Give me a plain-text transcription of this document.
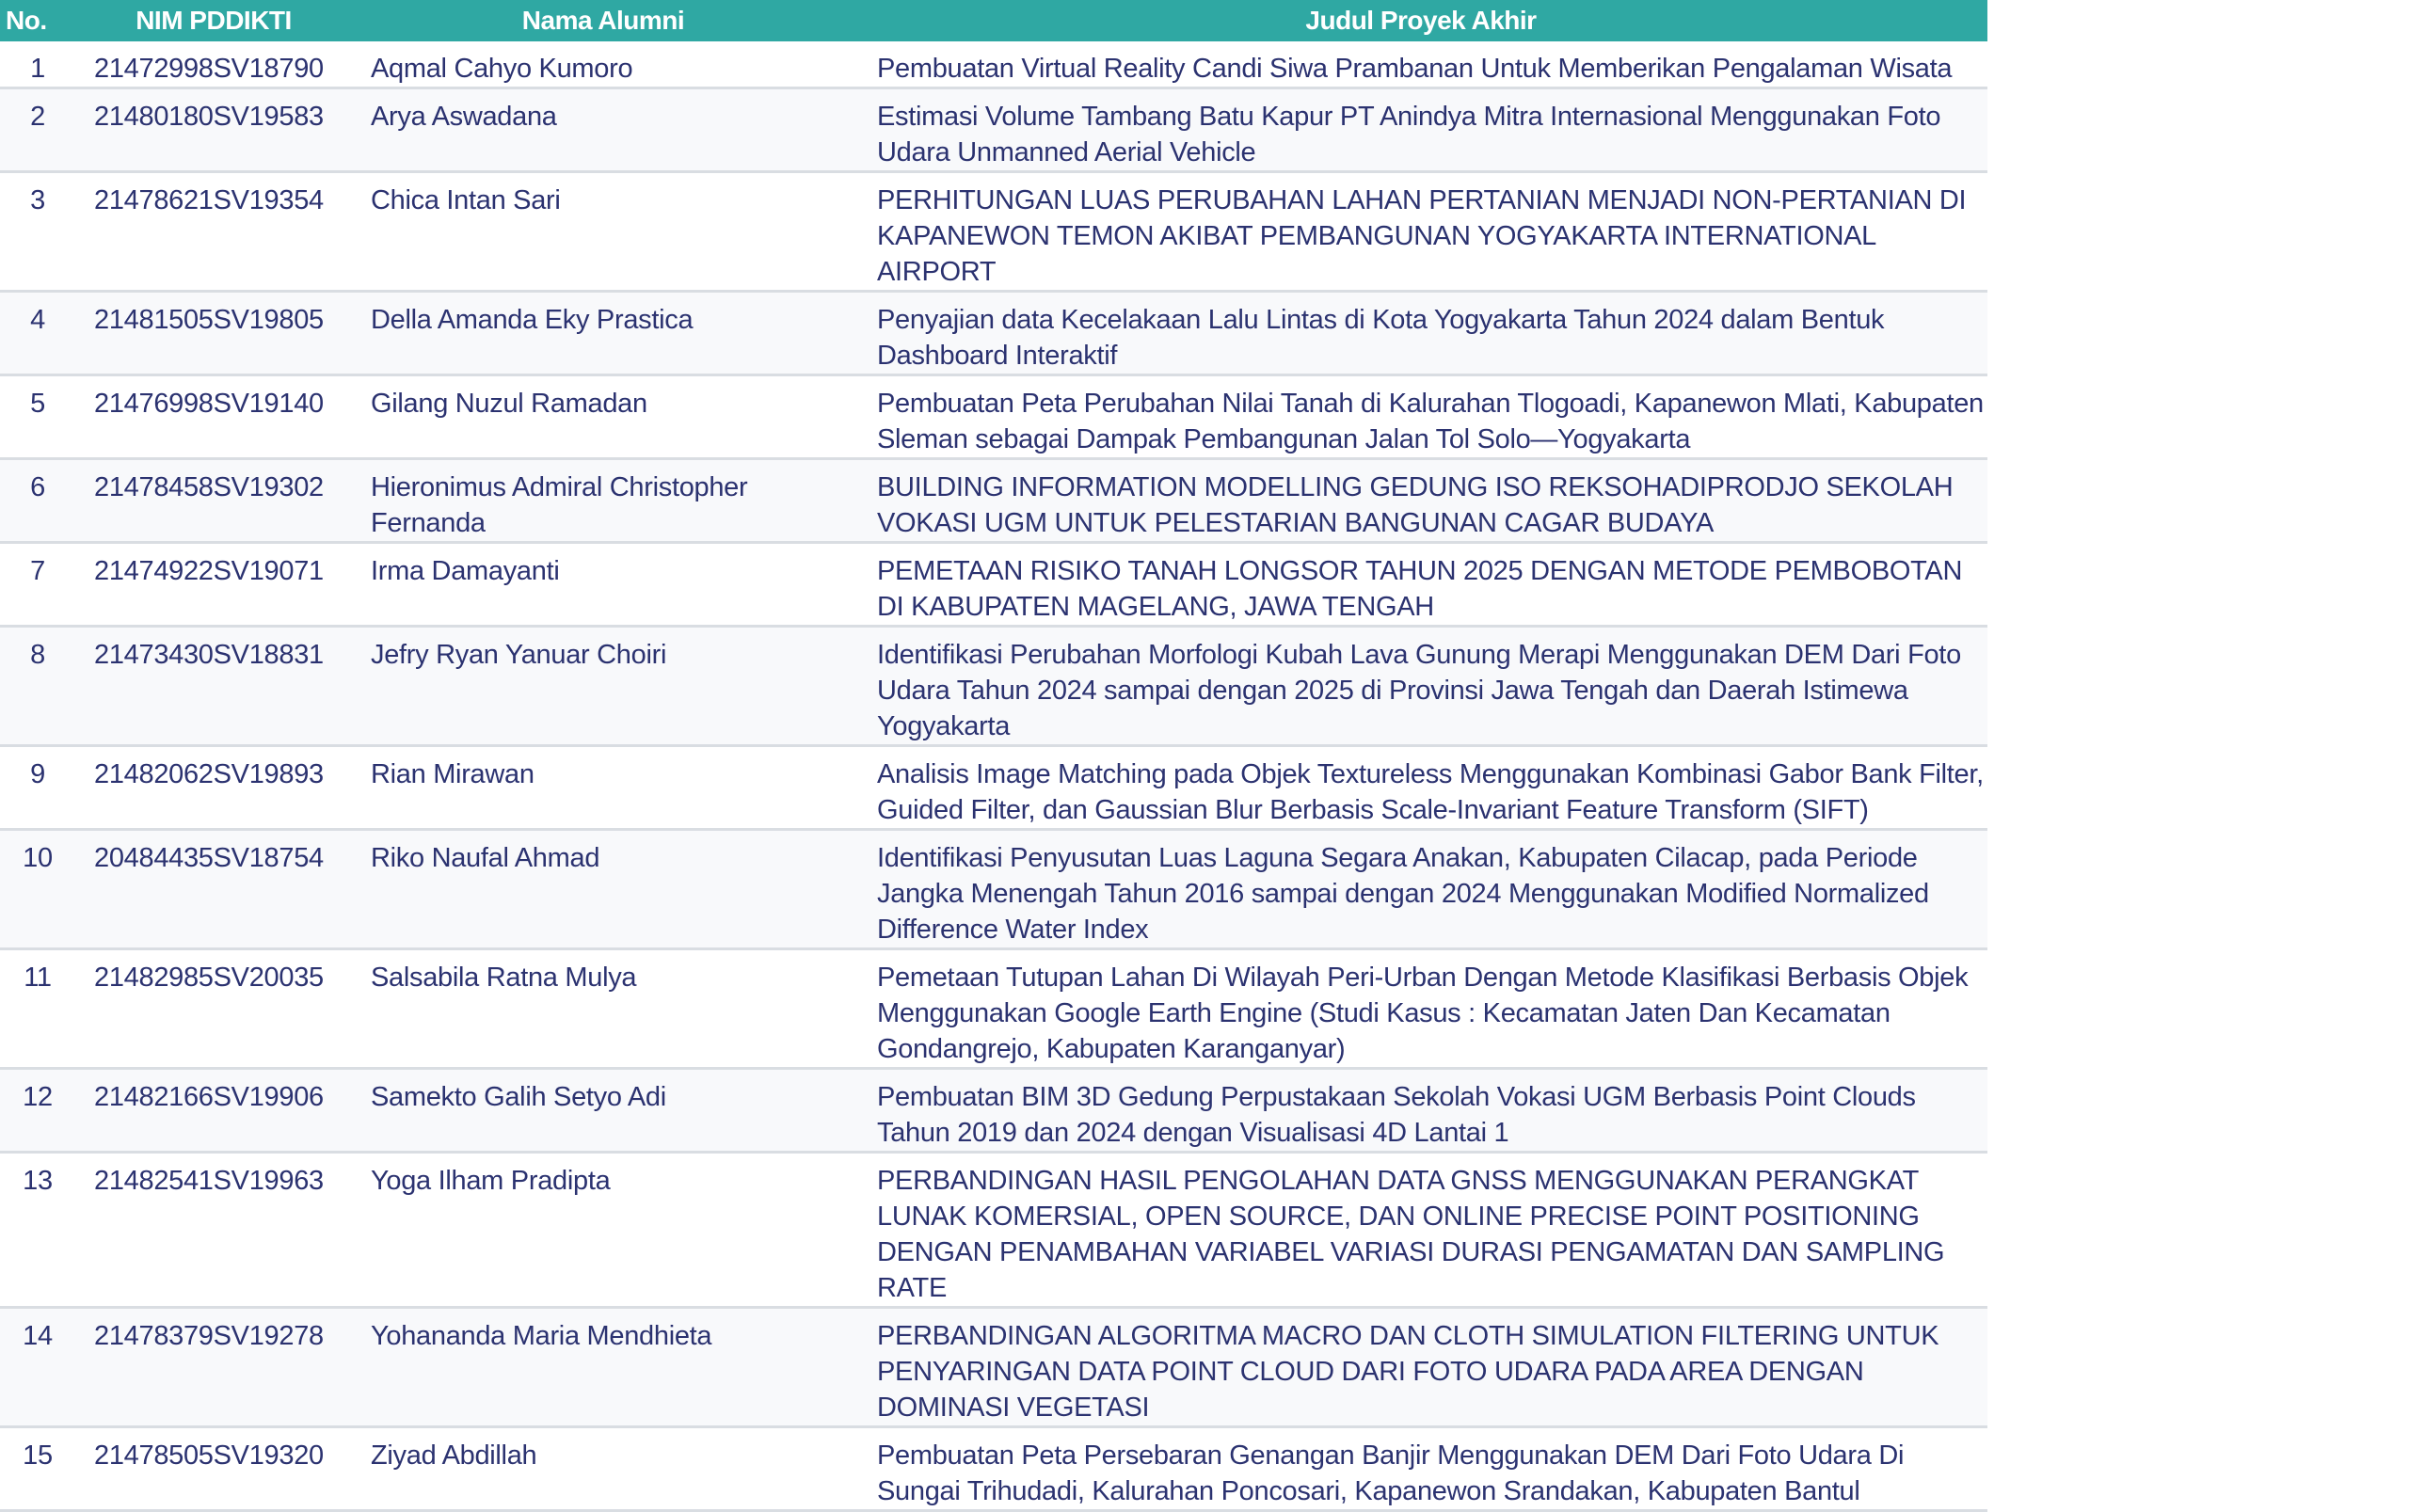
No.	NIM PDDIKTI	Nama Alumni	Judul Proyek Akhir
1	21472998SV18790	Aqmal Cahyo Kumoro	Pembuatan Virtual Reality Candi Siwa Prambanan Untuk Memberikan Pengalaman Wisata
2	21480180SV19583	Arya Aswadana	Estimasi Volume Tambang Batu Kapur PT Anindya Mitra Internasional Menggunakan Foto Udara Unmanned Aerial Vehicle
3	21478621SV19354	Chica Intan Sari	PERHITUNGAN LUAS PERUBAHAN LAHAN PERTANIAN MENJADI NON-PERTANIAN DI KAPANEWON TEMON AKIBAT PEMBANGUNAN YOGYAKARTA INTERNATIONAL AIRPORT
4	21481505SV19805	Della Amanda Eky Prastica	Penyajian data Kecelakaan Lalu Lintas di Kota Yogyakarta Tahun 2024 dalam Bentuk Dashboard Interaktif
5	21476998SV19140	Gilang Nuzul Ramadan	Pembuatan Peta Perubahan Nilai Tanah di Kalurahan Tlogoadi, Kapanewon Mlati, Kabupaten Sleman sebagai Dampak Pembangunan Jalan Tol Solo—Yogyakarta
6	21478458SV19302	Hieronimus Admiral Christopher Fernanda	BUILDING INFORMATION MODELLING GEDUNG ISO REKSOHADIPRODJO SEKOLAH VOKASI UGM UNTUK PELESTARIAN BANGUNAN CAGAR BUDAYA
7	21474922SV19071	Irma Damayanti	PEMETAAN RISIKO TANAH LONGSOR TAHUN 2025 DENGAN METODE PEMBOBOTAN DI KABUPATEN MAGELANG, JAWA TENGAH
8	21473430SV18831	Jefry Ryan Yanuar Choiri	Identifikasi Perubahan Morfologi Kubah Lava Gunung Merapi Menggunakan DEM Dari Foto Udara Tahun 2024 sampai dengan 2025 di Provinsi Jawa Tengah dan Daerah Istimewa Yogyakarta
9	21482062SV19893	Rian Mirawan	Analisis Image Matching pada Objek Textureless Menggunakan Kombinasi Gabor Bank Filter, Guided Filter, dan Gaussian Blur Berbasis Scale-Invariant Feature Transform (SIFT)
10	20484435SV18754	Riko Naufal Ahmad	Identifikasi Penyusutan Luas Laguna Segara Anakan, Kabupaten Cilacap, pada Periode Jangka Menengah Tahun 2016 sampai dengan 2024 Menggunakan Modified Normalized Difference Water Index
11	21482985SV20035	Salsabila Ratna Mulya	Pemetaan Tutupan Lahan Di Wilayah Peri-Urban Dengan Metode Klasifikasi Berbasis Objek Menggunakan Google Earth Engine (Studi Kasus : Kecamatan Jaten Dan Kecamatan Gondangrejo, Kabupaten Karanganyar)
12	21482166SV19906	Samekto Galih Setyo Adi	Pembuatan BIM 3D Gedung Perpustakaan Sekolah Vokasi UGM Berbasis Point Clouds Tahun 2019 dan 2024 dengan Visualisasi 4D Lantai 1
13	21482541SV19963	Yoga Ilham Pradipta	PERBANDINGAN HASIL PENGOLAHAN DATA GNSS MENGGUNAKAN PERANGKAT LUNAK KOMERSIAL, OPEN SOURCE, DAN ONLINE PRECISE POINT POSITIONING DENGAN PENAMBAHAN VARIABEL VARIASI DURASI PENGAMATAN DAN SAMPLING RATE
14	21478379SV19278	Yohananda Maria Mendhieta	PERBANDINGAN ALGORITMA MACRO DAN CLOTH SIMULATION FILTERING UNTUK PENYARINGAN DATA POINT CLOUD DARI FOTO UDARA PADA AREA DENGAN DOMINASI VEGETASI
15	21478505SV19320	Ziyad Abdillah	Pembuatan Peta Persebaran Genangan Banjir Menggunakan DEM Dari Foto Udara Di Sungai Trihudadi, Kalurahan Poncosari, Kapanewon Srandakan, Kabupaten Bantul
